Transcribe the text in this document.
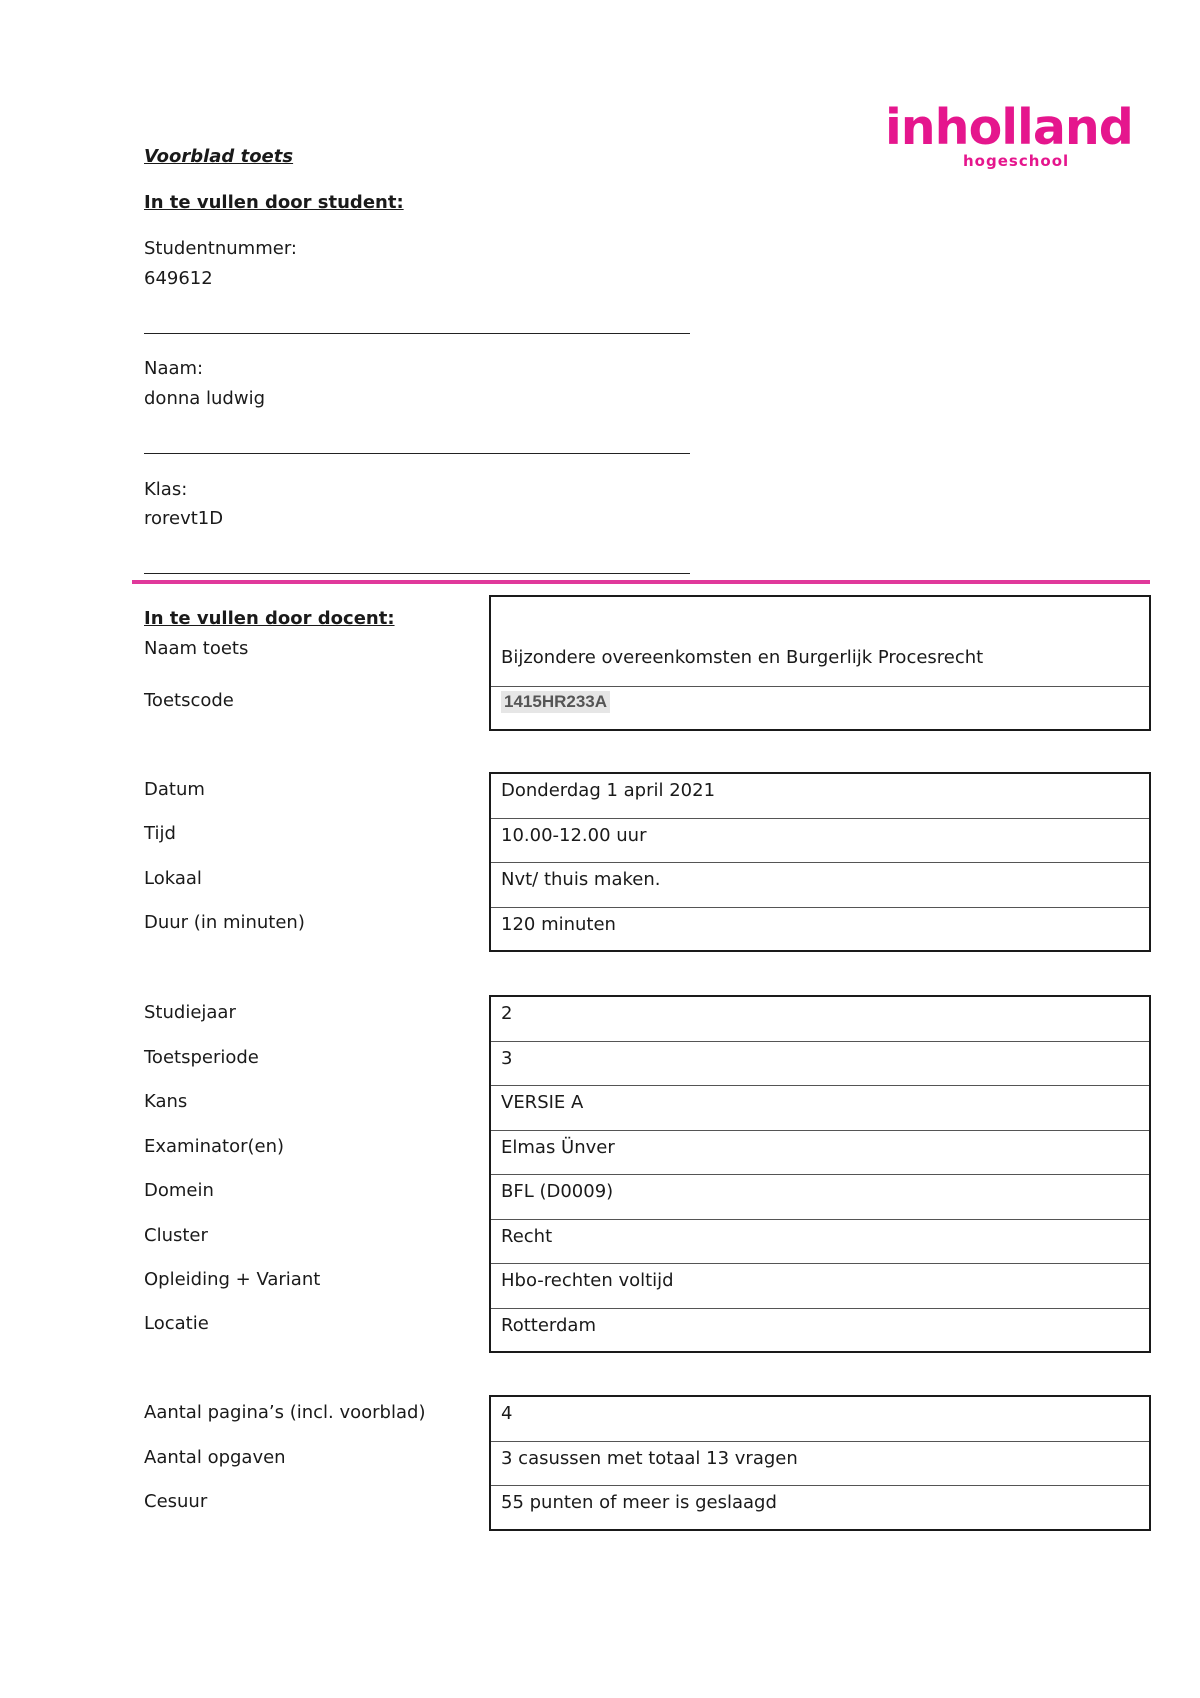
inholland
hogeschool
Voorblad toets
In te vullen door student:
Studentnummer:
649612
Naam:
donna ludwig
Klas:
rorevt1D
In te vullen door docent:
Naam toets
Toetscode
Bijzondere overeenkomsten en Burgerlijk Procesrecht
1415HR233A
Datum
Tijd
Lokaal
Duur (in minuten)
Donderdag 1 april 2021
10.00-12.00 uur
Nvt/ thuis maken.
120 minuten
Studiejaar
Toetsperiode
Kans
Examinator(en)
Domein
Cluster
Opleiding + Variant
Locatie
2
3
VERSIE A
Elmas Ünver
BFL (D0009)
Recht
Hbo-rechten voltijd
Rotterdam
Aantal pagina’s (incl. voorblad)
Aantal opgaven
Cesuur
4
3 casussen met totaal 13 vragen
55 punten of meer is geslaagd
